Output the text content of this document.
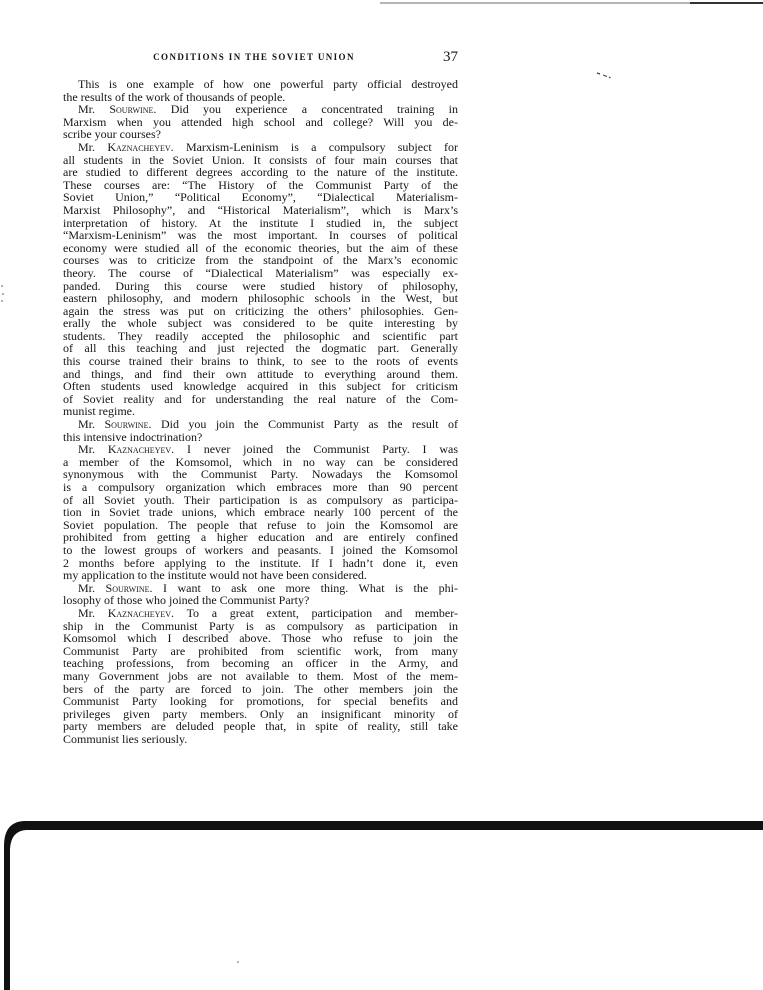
CONDITIONS IN THE SOVIET UNION	37
This is one example of how one powerful party official destroyed
the results of the work of thousands of people.
Mr. Sourwine. Did you experience a concentrated training in
Marxism when you attended high school and college? Will you de-
scribe your courses?
Mr. Kaznacheyev. Marxism-Leninism is a compulsory subject for
all students in the Soviet Union. It consists of four main courses that
are studied to different degrees according to the nature of the institute.
These courses are: “The History of the Communist Party of the
Soviet Union,” “Political Economy”, “Dialectical Materialism-
Marxist Philosophy”, and “Historical Materialism”, which is Marx’s
interpretation of history. At the institute I studied in, the subject
“Marxism-Leninism” was the most important. In courses of political
economy were studied all of the economic theories, but the aim of these
courses was to criticize from the standpoint of the Marx’s economic
theory. The course of “Dialectical Materialism” was especially ex-
panded. During this course were studied history of philosophy,
eastern philosophy, and modern philosophic schools in the West, but
again the stress was put on criticizing the others’ philosophies. Gen-
erally the whole subject was considered to be quite interesting by
students. They readily accepted the philosophic and scientific part
of all this teaching and just rejected the dogmatic part. Generally
this course trained their brains to think, to see to the roots of events
and things, and find their own attitude to everything around them.
Often students used knowledge acquired in this subject for criticism
of Soviet reality and for understanding the real nature of the Com-
munist regime.
Mr. Sourwine. Did you join the Communist Party as the result of
this intensive indoctrination?
Mr. Kaznacheyev. I never joined the Communist Party. I was
a member of the Komsomol, which in no way can be considered
synonymous with the Communist Party. Nowadays the Komsomol
is a compulsory organization which embraces more than 90 percent
of all Soviet youth. Their participation is as compulsory as participa-
tion in Soviet trade unions, which embrace nearly 100 percent of the
Soviet population. The people that refuse to join the Komsomol are
prohibited from getting a higher education and are entirely confined
to the lowest groups of workers and peasants. I joined the Komsomol
2 months before applying to the institute. If I hadn’t done it, even
my application to the institute would not have been considered.
Mr. Sourwine. I want to ask one more thing. What is the phi-
losophy of those who joined the Communist Party?
Mr. Kaznacheyev. To a great extent, participation and member-
ship in the Communist Party is as compulsory as participation in
Komsomol which I described above. Those who refuse to join the
Communist Party are prohibited from scientific work, from many
teaching professions, from becoming an officer in the Army, and
many Government jobs are not available to them. Most of the mem-
bers of the party are forced to join. The other members join the
Communist Party looking for promotions, for special benefits and
privileges given party members. Only an insignificant minority of
party members are deluded people that, in spite of reality, still take
Communist lies seriously.
